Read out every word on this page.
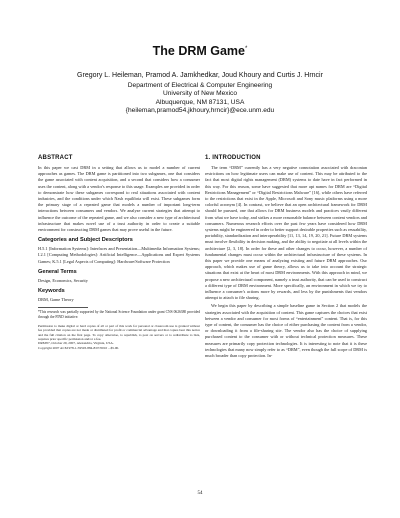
The DRM Game*
Gregory L. Heileman, Pramod A. Jamkhedkar, Joud Khoury and Curtis J. Hrncir
Department of Electrical & Computer Engineering
University of New Mexico
Albuquerque, NM 87131, USA
{heileman,pramod54,jkhoury,hrncir}@ece.unm.edu
ABSTRACT

In this paper we cast DRM in a setting that allows us to model a number of current approaches as games. The DRM game is partitioned into two subgames, one that considers the game associated with content acquisition, and a second that considers how a consumer uses the content, along with a vendor's response to this usage. Examples are provided in order to demonstrate how these subgames correspond to real situations associated with content industries, and the conditions under which Nash equilibria will exist. These subgames form the primary stage of a repeated game that models a number of important long-term interactions between consumers and vendors. We analyze current strategies that attempt to influence the outcome of the repeated game, and we also consider a new type of architectural infrastructure that makes novel use of a trust authority in order to create a suitable environment for constructing DRM games that may prove useful in the future.

Categories and Subject Descriptors

H.5.1 [Information Systems]: Interfaces and Presentation—Multimedia Information Systems; I.2.1 [Computing Methodologies]: Artificial Intelligence—Applications and Expert Systems Games; K.5.1 [Legal Aspects of Computing]: Hardware/Software Protection

General Terms

Design, Economics, Security

Keywords

DRM, Game Theory

*This research was partially supported by the National Science Foundation under grant CNS 0626380 provided through the FIND initiative.

Permission to make digital or hard copies of all or part of this work for personal or classroom use is granted without fee provided that copies are not made or distributed for profit or commercial advantage and that copies bear this notice and the full citation on the first page. To copy otherwise, to republish, to post on servers or to redistribute to lists, requires prior specific permission and/or a fee.

DRM'07, October 29, 2007, Alexandria, Virginia, USA.

Copyright 2007 ACM 978-1-59593-884-8/07/0010 ...$5.00.

1. INTRODUCTION

The term “DRM” currently has a very negative connotation associated with draconian restrictions on how legitimate users can make use of content. This may be attributed to the fact that most digital rights management (DRM) systems to date have in fact performed in this way. For this reason, some have suggested that more apt names for DRM are “Digital Restrictions Management” or “Digital Restrictions Malware” [16], while others have referred to the restrictions that exist in the Apple, Microsoft and Sony music platforms using a more colorful acronym [4]. In contrast, we believe that an open architectural framework for DRM should be pursued, one that allows for DRM business models and practices vastly different from what we have today, and strikes a more reasonable balance between content vendors and consumers. Numerous research efforts over the past few years have considered how DRM systems might be engineered in order to better support desirable properties such as reusability, portability, standardization and interoperability [11, 13, 14, 19, 20, 21]. Future DRM systems must involve flexibility in decision making, and the ability to negotiate at all levels within the architecture [2, 3, 18]. In order for these and other changes to occur, however, a number of fundamental changes must occur within the architectural infrastructure of these systems. In this paper we provide one means of analyzing existing and future DRM approaches. Our approach, which makes use of game theory, allows us to take into account the strategic situations that exist at the heart of most DRM environments. With this approach in mind, we propose a new architectural component, namely a trust authority, that can be used to construct a different type of DRM environment. More specifically, an environment in which we try to influence a consumer's actions more by rewards, and less by the punishments that vendors attempt to attach to file sharing.

We begin this paper by describing a simple baseline game in Section 2 that models the strategies associated with the acquisition of content. This game captures the choices that exist between a vendor and consumer for most forms of “entertainment” content. That is, for this type of content, the consumer has the choice of either purchasing the content from a vendor, or downloading it from a file-sharing site. The vendor also has the choice of supplying purchased content to the consumer with or without technical protection measures. These measures are primarily copy protection technologies. It is interesting to note that it is these technologies that many now simply refer to as “DRM”, even though the full scope of DRM is much broader than copy protection. In-

54
